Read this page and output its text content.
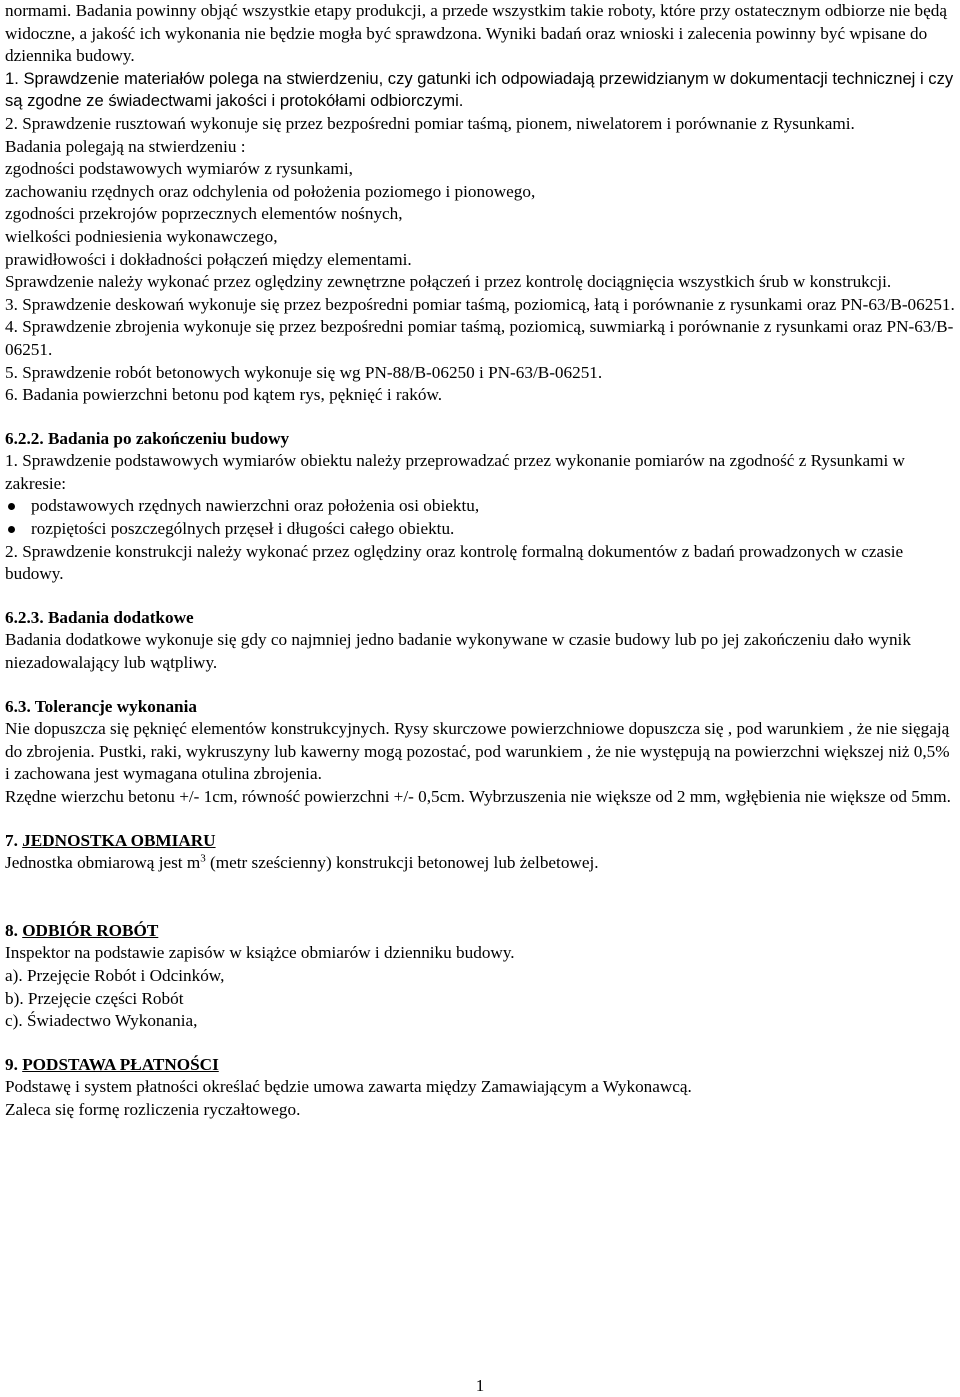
normami. Badania powinny objąć wszystkie etapy produkcji, a przede wszystkim takie roboty, które przy ostatecznym odbiorze nie będą widoczne, a jakość ich wykonania nie będzie mogła być sprawdzona. Wyniki badań oraz wnioski i zalecenia powinny być wpisane do dziennika budowy.

1. Sprawdzenie materiałów polega na stwierdzeniu, czy gatunki ich odpowiadają przewidzianym w dokumentacji technicznej i czy są zgodne ze świadectwami jakości i protokółami odbiorczymi.

2. Sprawdzenie rusztowań wykonuje się przez bezpośredni pomiar taśmą, pionem, niwelatorem i porównanie z Rysunkami.

Badania polegają na stwierdzeniu :

zgodności podstawowych wymiarów z rysunkami,

zachowaniu rzędnych oraz odchylenia od położenia poziomego i pionowego,

zgodności przekrojów poprzecznych elementów nośnych,

wielkości podniesienia wykonawczego,

prawidłowości i dokładności połączeń między elementami.

Sprawdzenie należy wykonać przez oględziny zewnętrzne połączeń i przez kontrolę dociągnięcia wszystkich śrub w konstrukcji.

3. Sprawdzenie deskowań wykonuje się przez bezpośredni pomiar taśmą, poziomicą, łatą i porównanie z rysunkami oraz PN-63/B-06251.

4. Sprawdzenie zbrojenia wykonuje się przez bezpośredni pomiar taśmą, poziomicą, suwmiarką i porównanie z rysunkami oraz PN-63/B-06251.

5. Sprawdzenie robót betonowych wykonuje się wg PN-88/B-06250 i PN-63/B-06251.

6. Badania powierzchni betonu pod kątem rys, pęknięć i raków.

6.2.2. Badania po zakończeniu budowy

1. Sprawdzenie podstawowych wymiarów obiektu należy przeprowadzać przez wykonanie pomiarów na zgodność z Rysunkami w zakresie:

podstawowych rzędnych nawierzchni oraz położenia osi obiektu,
rozpiętości poszczególnych przęseł i długości całego obiektu.

2. Sprawdzenie konstrukcji należy wykonać przez oględziny oraz kontrolę formalną dokumentów z badań prowadzonych w czasie budowy.

6.2.3. Badania dodatkowe

Badania dodatkowe wykonuje się gdy co najmniej jedno badanie wykonywane w czasie budowy lub po jej zakończeniu dało wynik niezadowalający lub wątpliwy.

6.3. Tolerancje wykonania

Nie dopuszcza się pęknięć elementów konstrukcyjnych. Rysy skurczowe powierzchniowe dopuszcza się , pod warunkiem , że nie sięgają do zbrojenia. Pustki, raki, wykruszyny lub kawerny mogą pozostać, pod warunkiem , że nie występują na powierzchni większej niż 0,5% i zachowana jest wymagana otulina zbrojenia.

Rzędne wierzchu betonu +/- 1cm, równość powierzchni +/- 0,5cm. Wybrzuszenia nie większe od 2 mm, wgłębienia nie większe od 5mm.

7. JEDNOSTKA OBMIARU

Jednostka obmiarową jest $m^3$ (metr sześcienny) konstrukcji betonowej lub żelbetowej.

8. ODBIÓR ROBÓT

Inspektor na podstawie zapisów w książce obmiarów i dzienniku budowy.

a). Przejęcie Robót i Odcinków,

b). Przejęcie części Robót

c). Świadectwo Wykonania,

9. PODSTAWA PŁATNOŚCI

Podstawę i system płatności określać będzie umowa zawarta między Zamawiającym a Wykonawcą.

Zaleca się formę rozliczenia ryczałtowego.

1
